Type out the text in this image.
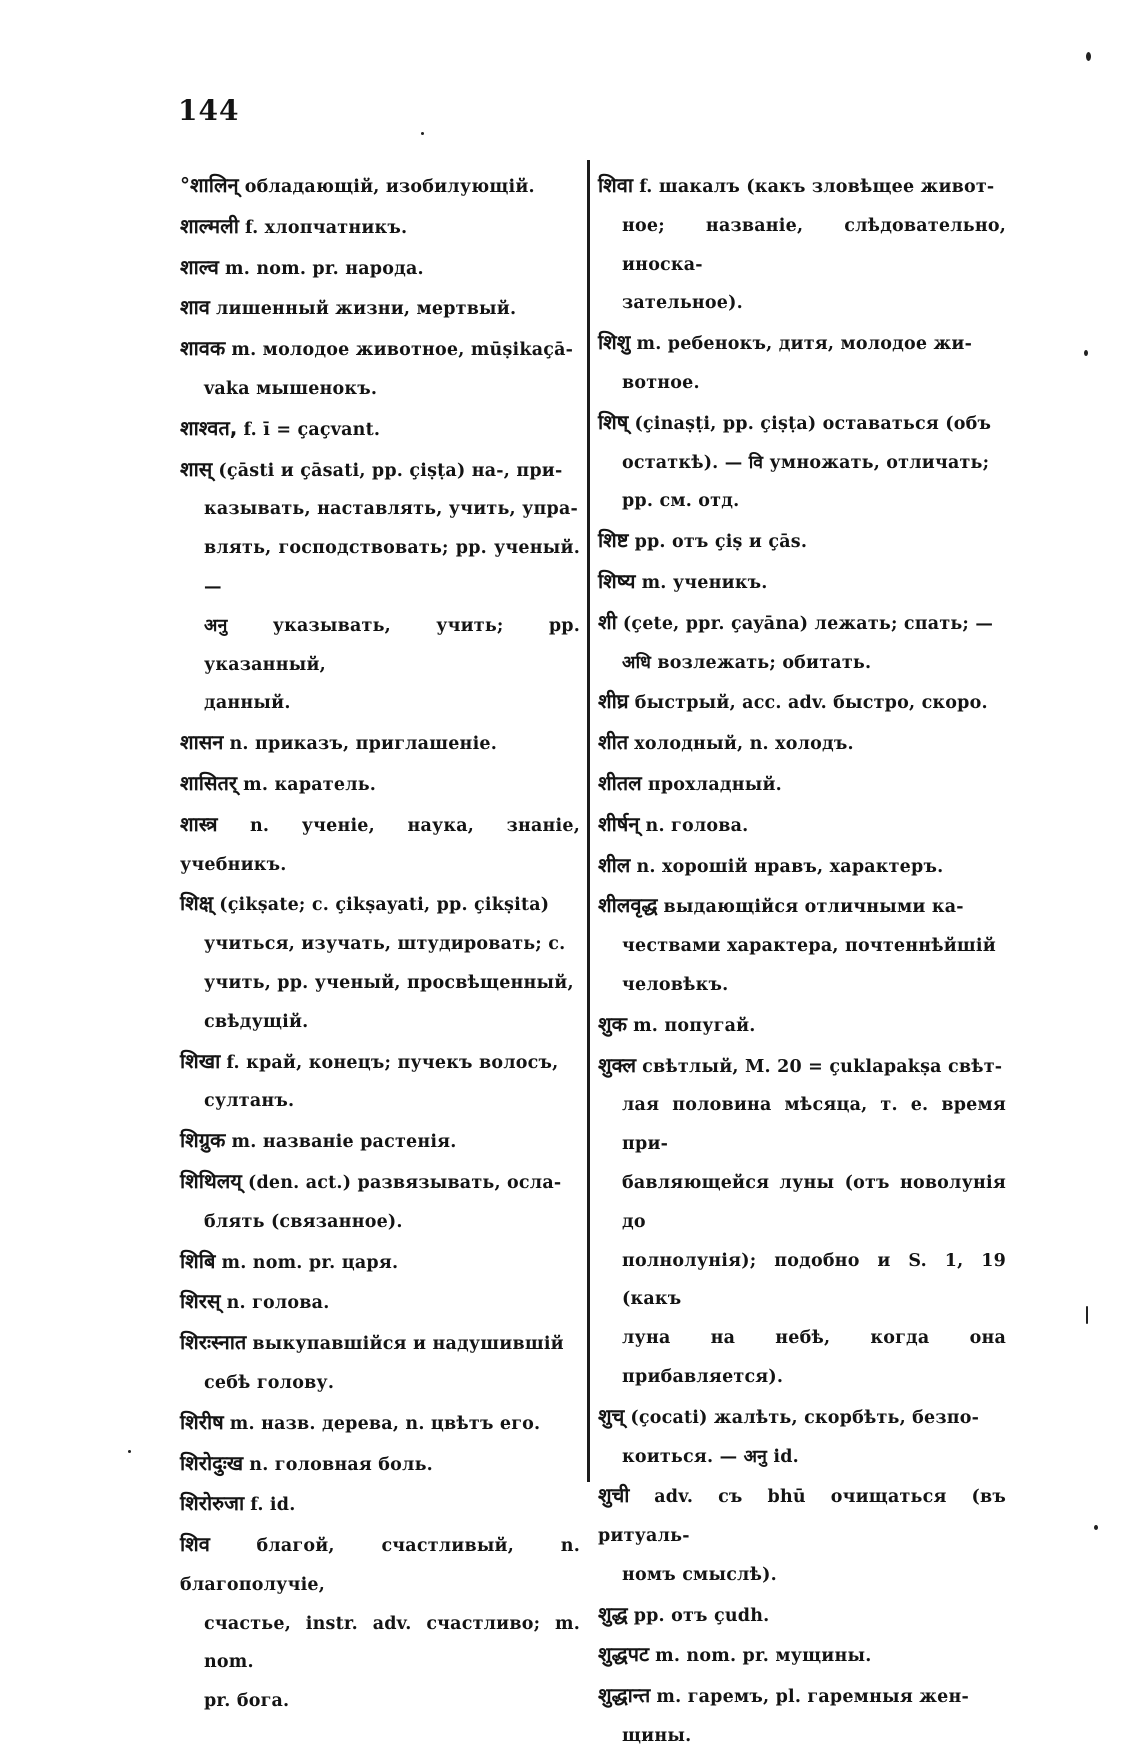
144

°शालिन् обладающій, изобилующій.

शाल्मली f. хлопчатникъ.

शाल्व m. nom. pr. народа.

शाव лишенный жизни, мертвый.

शावक m. молодое животное, mūṣikaçā-
vaka мышенокъ.

शाश्वत, f. ī = çaçvant.

शास् (çāsti и çāsati, pp. çiṣṭa) на-, при-
казывать, наставлять, учить, упра-
влять, господствовать; pp. ученый. —
अनु указывать, учить; pp. указанный,
данный.

शासन n. приказъ, приглашеніе.

शासितर् m. каратель.

शास्त्र n. ученіе, наука, знаніе, учебникъ.

शिक्ष् (çikṣate; c. çikṣayati, pp. çikṣita)
учиться, изучать, штудировать; c.
учить, pp. ученый, просвѣщенный,
свѣдущій.

शिखा f. край, конецъ; пучекъ волосъ,
султанъ.

शिग्रुक m. названіе растенія.

शिथिलय् (den. act.) развязывать, осла-
блять (связанное).

शिबि m. nom. pr. царя.

शिरस् n. голова.

शिरःस्नात выкупавшійся и надушившій
себѣ голову.

शिरीष m. назв. дерева, n. цвѣтъ его.

शिरोदुःख n. головная боль.

शिरोरुजा f. id.

शिव	благой, счастливый, n. благополучіе,
счастье, instr. adv. счастливо; m. nom.
pr. бога.

शिवा f. шакалъ (какъ зловѣщее живот-
ное; названіе, слѣдовательно, иноска-
зательное).

शिशु m. ребенокъ, дитя, молодое жи-
вотное.

शिष् (çinaṣṭi, pp. çiṣṭa) оставаться (объ
остаткѣ). — वि умножать, отличать;
pp. см. отд.

शिष्ट pp. отъ çiṣ и çās.

शिष्य m. ученикъ.

शी (çete, ppr. çayāna) лежать; спать; —
अधि возлежать; обитать.

शीघ्र быстрый, acc. adv. быстро, скоро.

शीत холодный, n. холодъ.

शीतल прохладный.

शीर्षन् n. голова.

शील n. хорошій нравъ, характеръ.

शीलवृद्ध выдающійся отличными ка-
чествами характера, почтеннѣйшій
человѣкъ.

शुक m. попугай.

शुक्ल свѣтлый, M. 20 = çuklapakṣa свѣт-
лая половина мѣсяца, т. е. время при-
бавляющейся луны (отъ новолунія до
полнолунія); подобно и S. 1, 19 (какъ
луна на небѣ, когда она прибавляется).

शुच् (çocati) жалѣть, скорбѣть, безпо-
коиться. — अनु id.

शुची adv. съ bhū очищаться (въ ритуаль-
номъ смыслѣ).

शुद्ध pp. отъ çudh.

शुद्धपट m. nom. pr. мущины.

शुद्धान्त m. гаремъ, pl. гаремныя жен-
щины.
